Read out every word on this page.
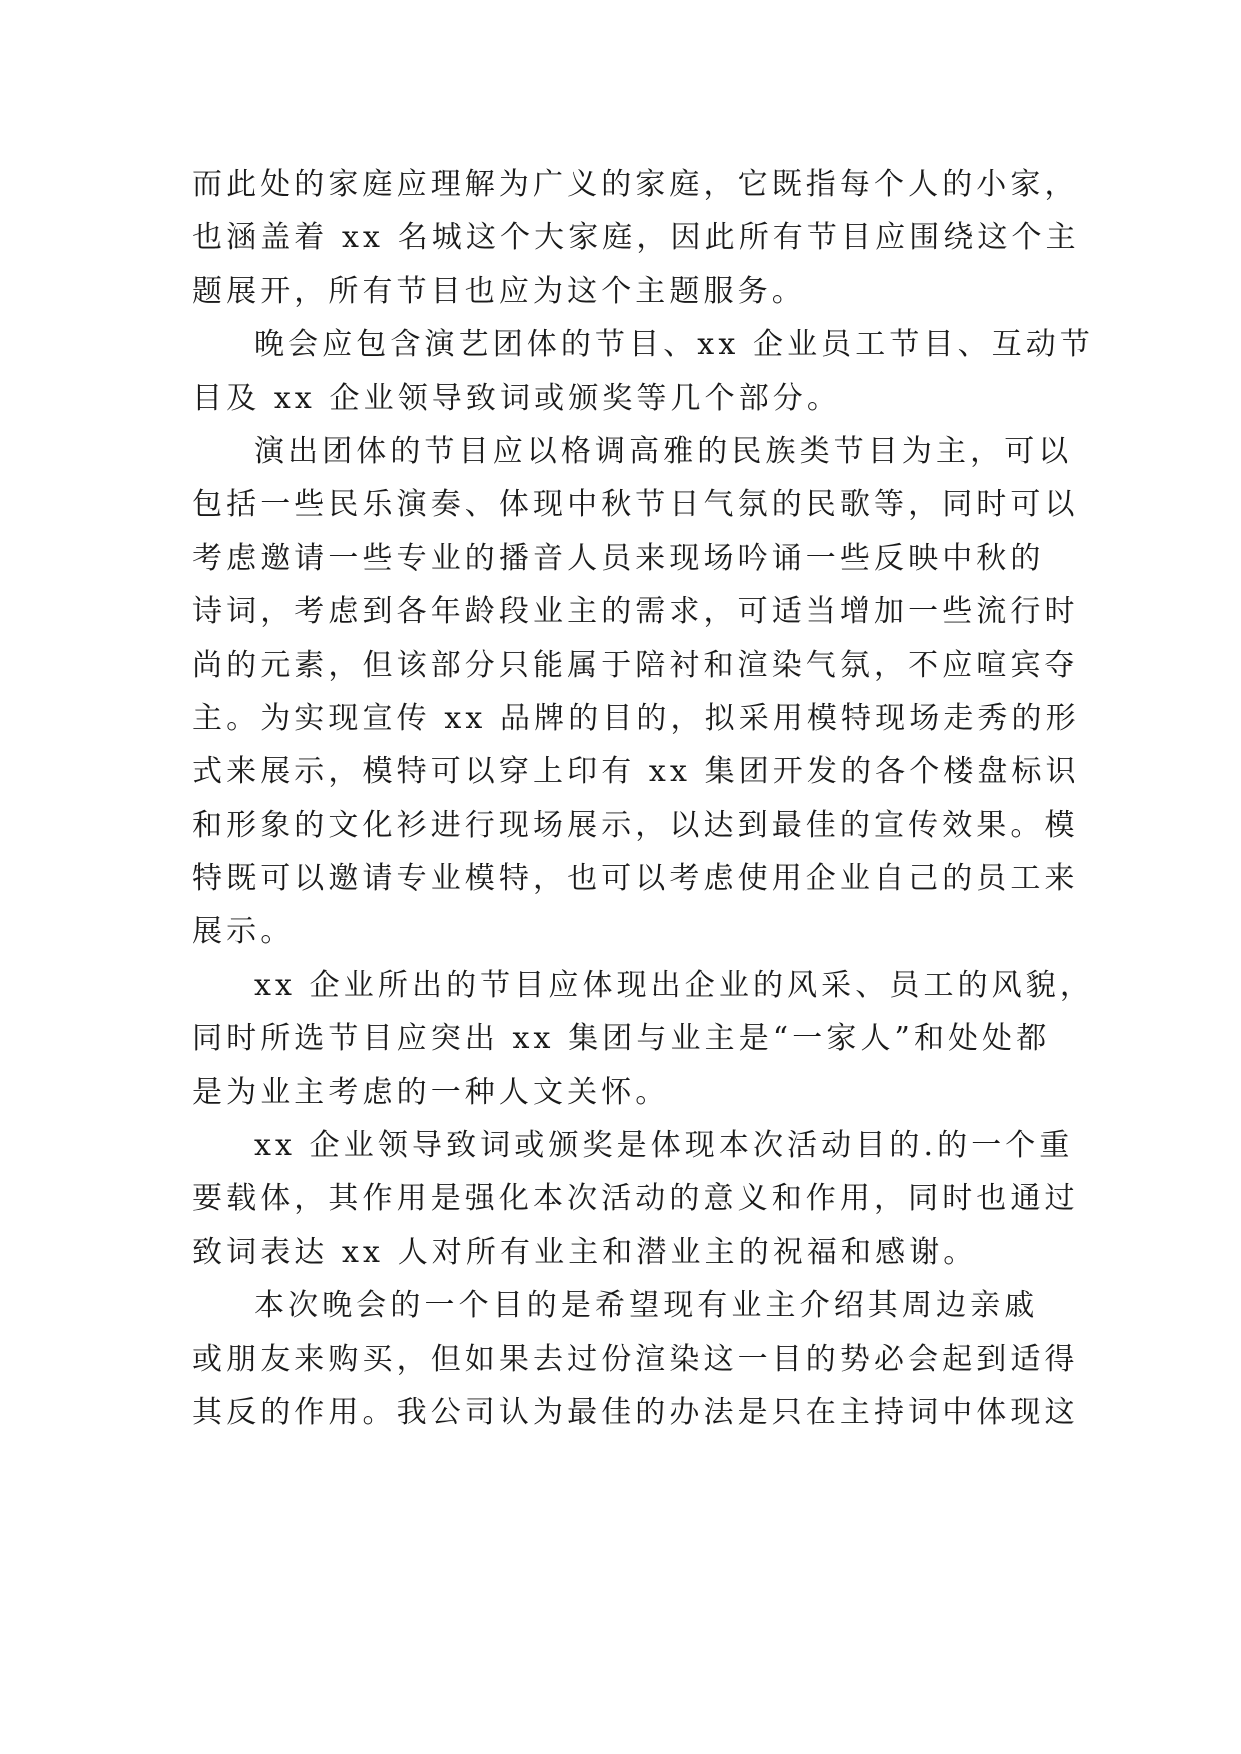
而此处的家庭应理解为广义的家庭，它既指每个人的小家，
也涵盖着 xx 名城这个大家庭，因此所有节目应围绕这个主
题展开，所有节目也应为这个主题服务。
晚会应包含演艺团体的节目、xx 企业员工节目、互动节
目及 xx 企业领导致词或颁奖等几个部分。
演出团体的节目应以格调高雅的民族类节目为主，可以
包括一些民乐演奏、体现中秋节日气氛的民歌等，同时可以
考虑邀请一些专业的播音人员来现场吟诵一些反映中秋的
诗词，考虑到各年龄段业主的需求，可适当增加一些流行时
尚的元素，但该部分只能属于陪衬和渲染气氛，不应喧宾夺
主。为实现宣传 xx 品牌的目的，拟采用模特现场走秀的形
式来展示，模特可以穿上印有 xx 集团开发的各个楼盘标识
和形象的文化衫进行现场展示，以达到最佳的宣传效果。模
特既可以邀请专业模特，也可以考虑使用企业自己的员工来
展示。
xx 企业所出的节目应体现出企业的风采、员工的风貌，
同时所选节目应突出 xx 集团与业主是“一家人”和处处都
是为业主考虑的一种人文关怀。
xx 企业领导致词或颁奖是体现本次活动目的.的一个重
要载体，其作用是强化本次活动的意义和作用，同时也通过
致词表达 xx 人对所有业主和潜业主的祝福和感谢。
本次晚会的一个目的是希望现有业主介绍其周边亲戚
或朋友来购买，但如果去过份渲染这一目的势必会起到适得
其反的作用。我公司认为最佳的办法是只在主持词中体现这
